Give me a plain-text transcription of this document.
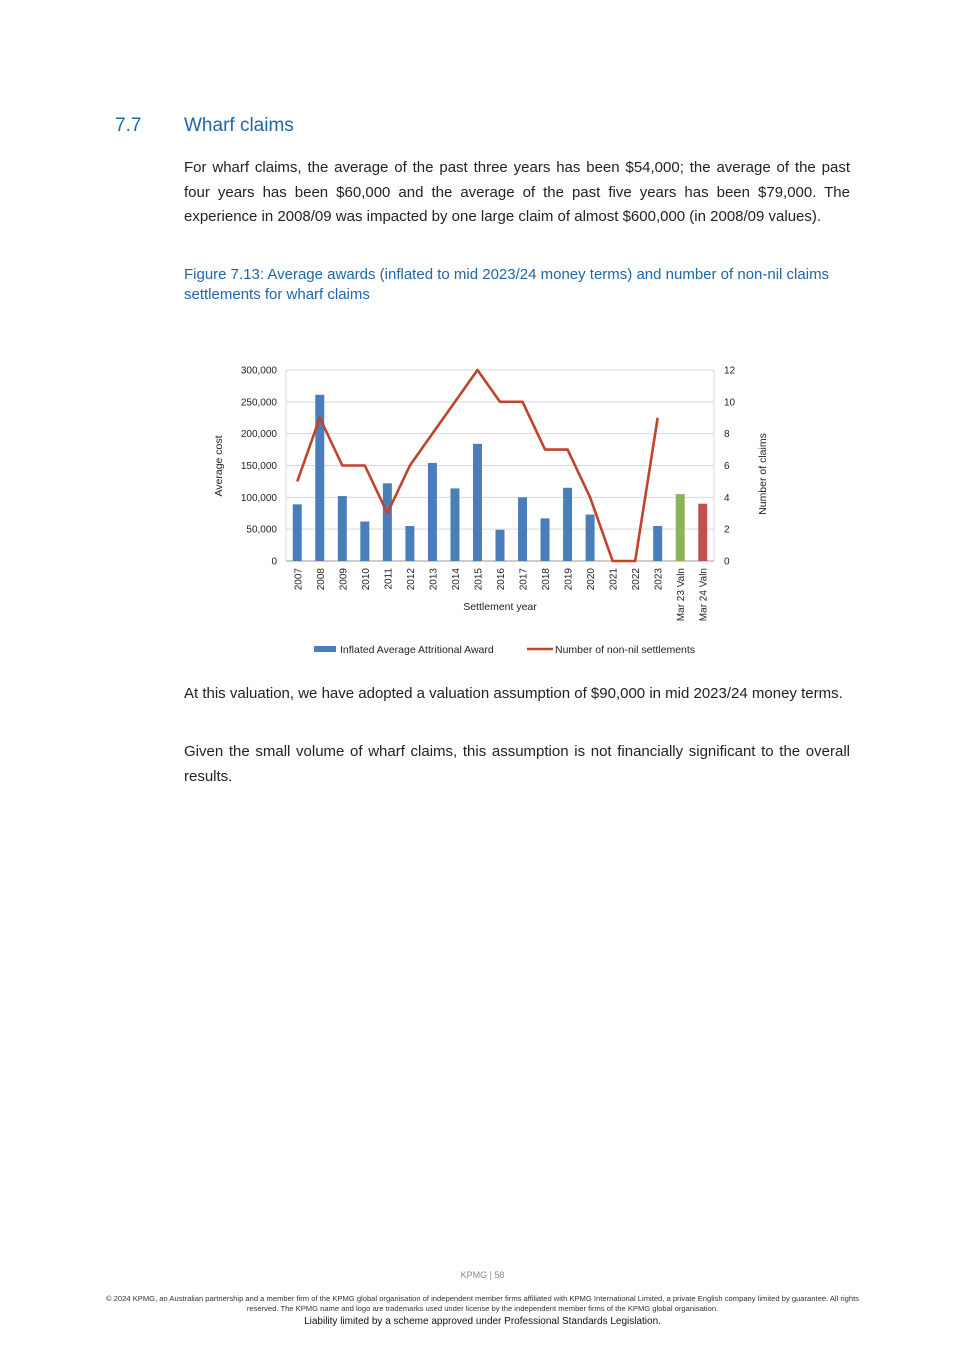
7.7 Wharf claims

For wharf claims, the average of the past three years has been $54,000; the average of the past four years has been $60,000 and the average of the past five years has been $79,000. The experience in 2008/09 was impacted by one large claim of almost $600,000 (in 2008/09 values).

Figure 7.13: Average awards (inflated to mid 2023/24 money terms) and number of non-nil claims settlements for wharf claims

0
50,000
100,000
150,000
200,000
250,000
300,000
0
2
4
6
8
10
12
2007 2008 2009 2010 2011 2012 2013 2014 2015 2016 2017 2018 2019 2020 2021 2022 2023 Mar 23 Valn Mar 24 Valn
Settlement year
Average cost	Number of claims
Inflated Average Attritional Award	Number of non-nil settlements

At this valuation, we have adopted a valuation assumption of $90,000 in mid 2023/24 money terms.

Given the small volume of wharf claims, this assumption is not financially significant to the overall results.

KPMG | 58

© 2024 KPMG, an Australian partnership and a member firm of the KPMG global organisation of independent member firms affiliated with KPMG International Limited, a private English company limited by guarantee. All rights reserved. The KPMG name and logo are trademarks used under license by the independent member firms of the KPMG global organisation.

Liability limited by a scheme approved under Professional Standards Legislation.
